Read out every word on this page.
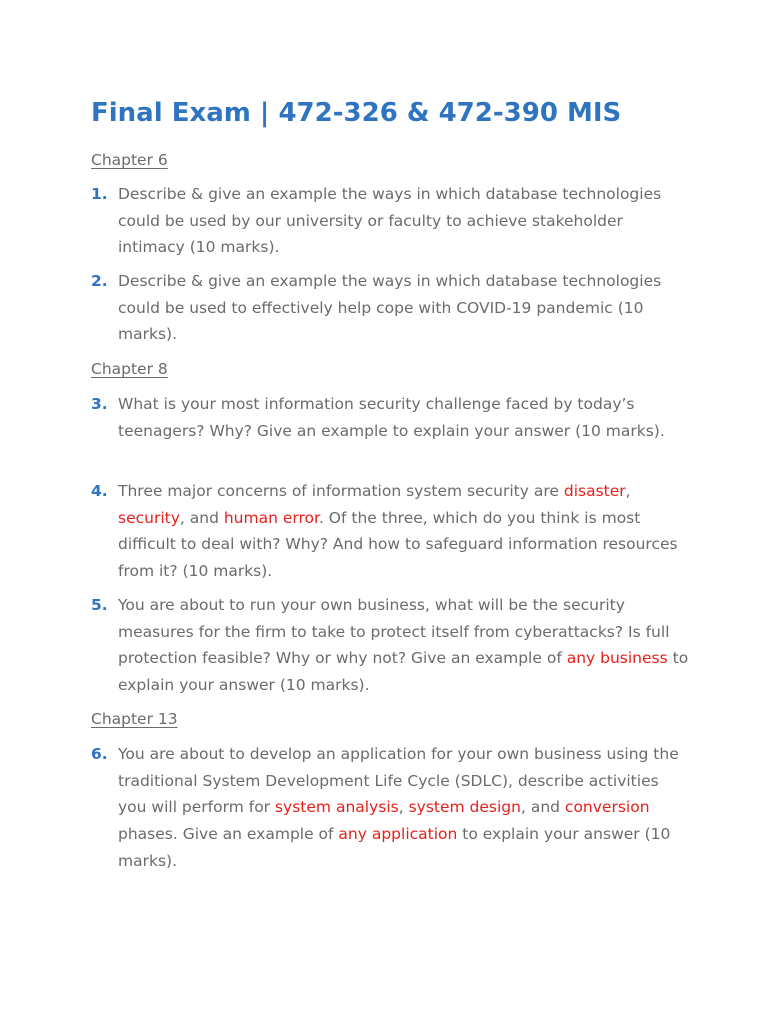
Final Exam | 472-326 & 472-390 MIS
Chapter 6
1. Describe & give an example the ways in which database technologies could be used by our university or faculty to achieve stakeholder intimacy (10 marks).
2. Describe & give an example the ways in which database technologies could be used to effectively help cope with COVID-19 pandemic (10 marks).
Chapter 8
3. What is your most information security challenge faced by today’s teenagers? Why? Give an example to explain your answer (10 marks).
4. Three major concerns of information system security are disaster, security, and human error. Of the three, which do you think is most difficult to deal with? Why? And how to safeguard information resources from it? (10 marks).
5. You are about to run your own business, what will be the security measures for the firm to take to protect itself from cyberattacks? Is full protection feasible? Why or why not? Give an example of any business to explain your answer (10 marks).
Chapter 13
6. You are about to develop an application for your own business using the traditional System Development Life Cycle (SDLC), describe activities you will perform for system analysis, system design, and conversion phases. Give an example of any application to explain your answer (10 marks).
